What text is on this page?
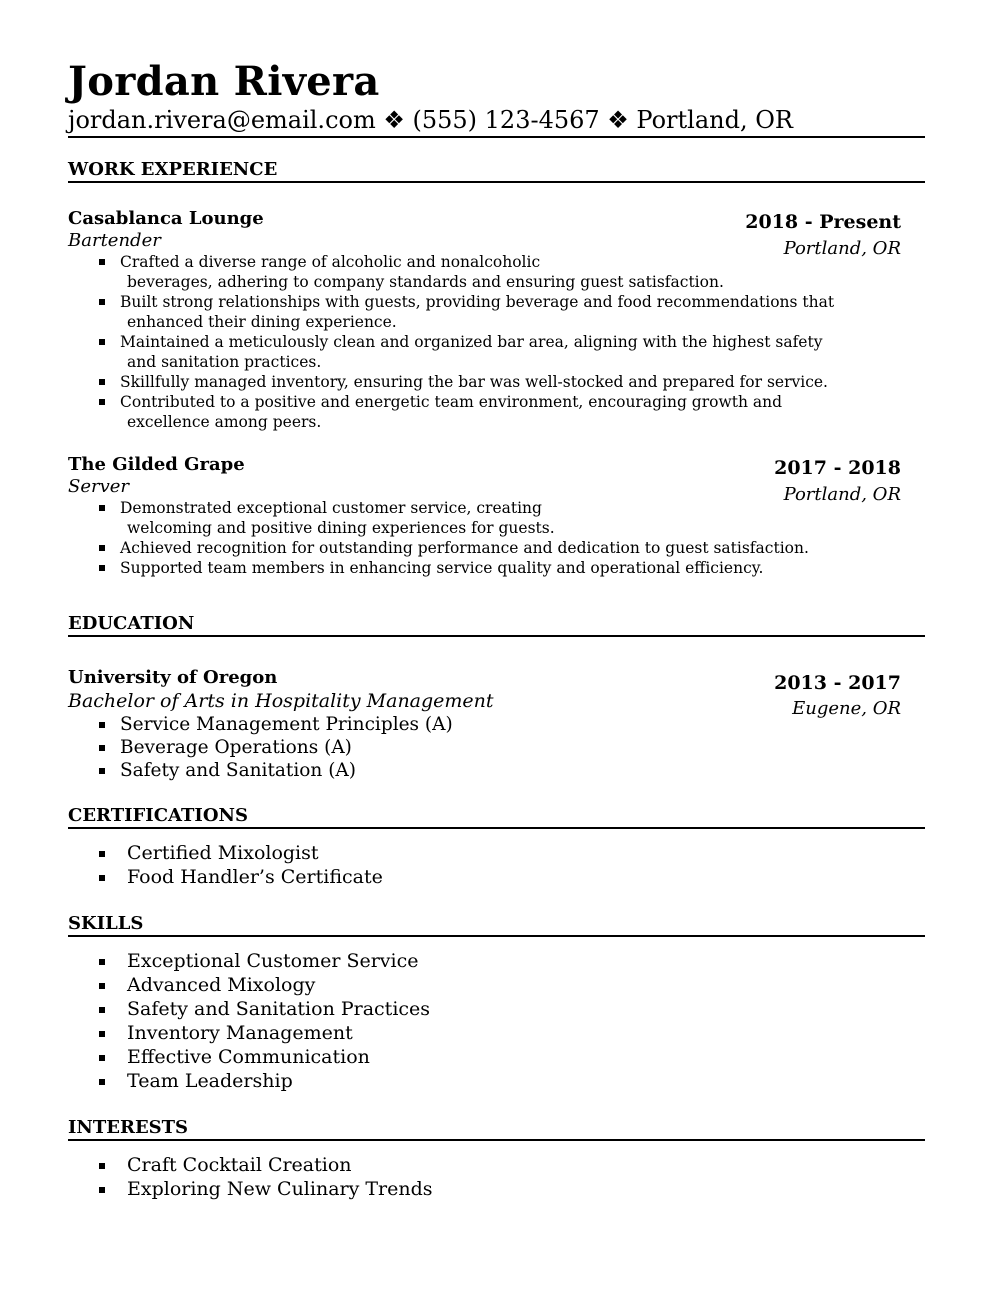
Jordan Rivera
jordan.rivera@email.com ❖ (555) 123-4567 ❖ Portland, OR
WORK EXPERIENCE
2018 - Present
Portland, OR
Casablanca Lounge
Bartender
Crafted a diverse range of alcoholic and nonalcoholic
beverages, adhering to company standards and ensuring guest satisfaction.
Built strong relationships with guests, providing beverage and food recommendations that
enhanced their dining experience.
Maintained a meticulously clean and organized bar area, aligning with the highest safety
and sanitation practices.
Skillfully managed inventory, ensuring the bar was well-stocked and prepared for service.
Contributed to a positive and energetic team environment, encouraging growth and
excellence among peers.
2017 - 2018
Portland, OR
The Gilded Grape
Server
Demonstrated exceptional customer service, creating
welcoming and positive dining experiences for guests.
Achieved recognition for outstanding performance and dedication to guest satisfaction.
Supported team members in enhancing service quality and operational efficiency.
EDUCATION
2013 - 2017
Eugene, OR
University of Oregon
Bachelor of Arts in Hospitality Management
Service Management Principles (A)
Beverage Operations (A)
Safety and Sanitation (A)
CERTIFICATIONS
Certified Mixologist
Food Handler’s Certificate
SKILLS
Exceptional Customer Service
Advanced Mixology
Safety and Sanitation Practices
Inventory Management
Effective Communication
Team Leadership
INTERESTS
Craft Cocktail Creation
Exploring New Culinary Trends
